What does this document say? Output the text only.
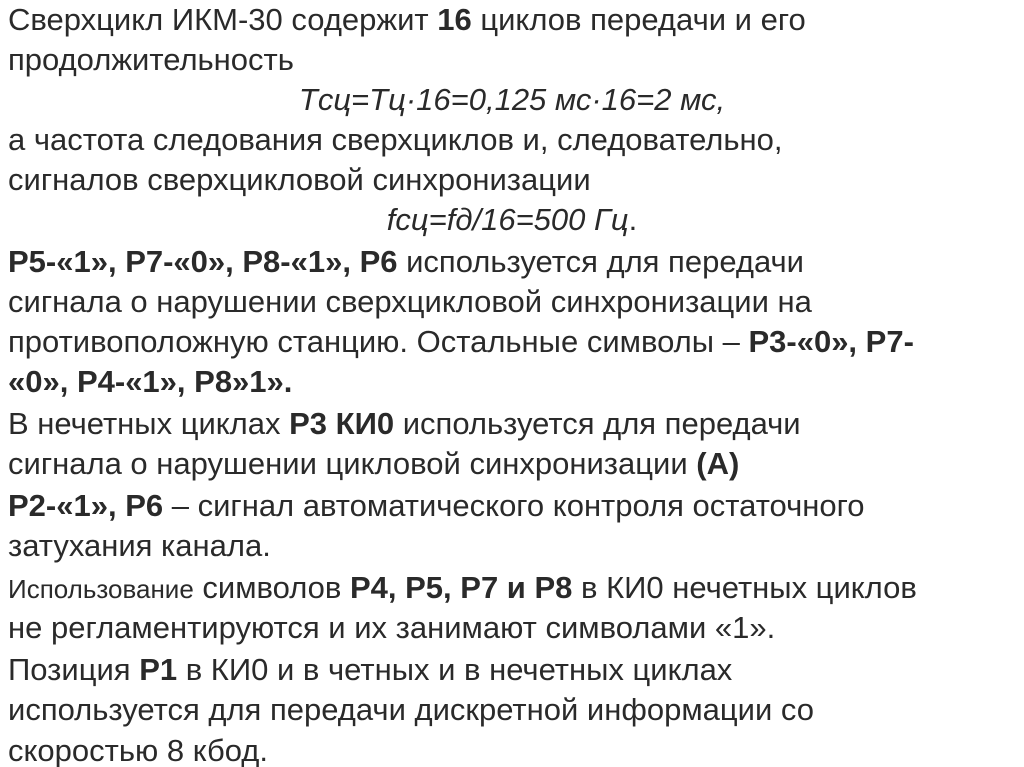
Сверхцикл ИКМ-30 содержит 16 циклов передачи и его
продолжительность
Tсц=Tц·16=0,125 мс·16=2 мс,
а частота следования сверхциклов и, следовательно,
сигналов сверхцикловой синхронизации
fсц=fд/16=500 Гц.
Р5-«1», Р7-«0», Р8-«1», Р6 используется для передачи
сигнала о нарушении сверхцикловой синхронизации на
противоположную станцию. Остальные символы – Р3-«0», Р7-
«0», Р4-«1», Р8»1».
В нечетных циклах Р3 КИ0 используется для передачи
сигнала о нарушении цикловой синхронизации (А)
Р2-«1», Р6 – сигнал автоматического контроля остаточного
затухания канала.
Использование символов Р4, Р5, Р7 и Р8 в КИ0 нечетных циклов
не регламентируются и их занимают символами «1».
Позиция Р1 в КИ0 и в четных и в нечетных циклах
используется для передачи дискретной информации со
скоростью 8 кбод.
